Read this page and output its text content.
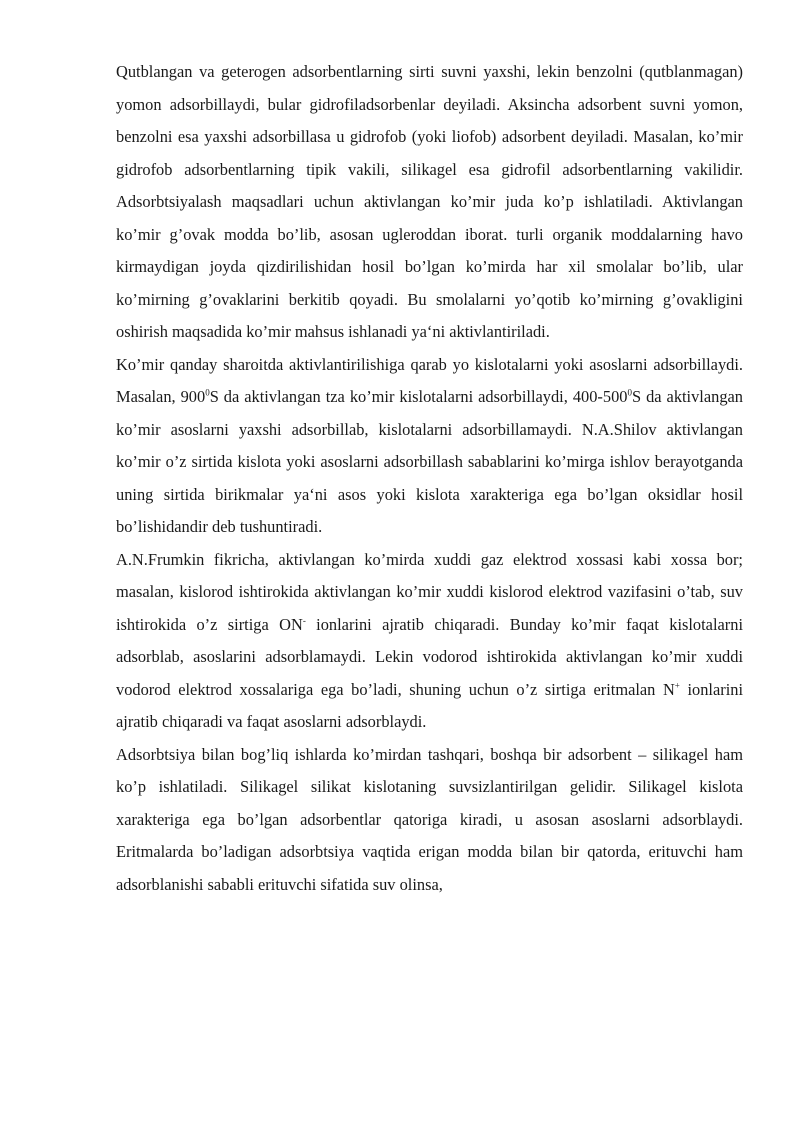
Qutblangan va geterogen adsorbentlarning sirti suvni yaxshi, lekin benzolni (qutblanmagan) yomon adsorbillaydi, bular gidrofiladsorbenlar deyiladi. Aksincha adsorbent suvni yomon, benzolni esa yaxshi adsorbillasa u gidrofob (yoki liofob) adsorbent deyiladi. Masalan, ko’mir gidrofob adsorbentlarning tipik vakili, silikagel esa gidrofil adsorbentlarning vakilidir. Adsorbtsiyalash maqsadlari uchun aktivlangan ko’mir juda ko’p ishlatiladi. Aktivlangan ko’mir g’ovak modda bo’lib, asosan ugleroddan iborat. turli organik moddalarning havo kirmaydigan joyda qizdirilishidan hosil bo’lgan ko’mirda har xil smolalar bo’lib, ular ko’mirning g’ovaklarini berkitib qoyadi. Bu smolalarni yo’qotib ko’mirning g’ovakligini oshirish maqsadida ko’mir mahsus ishlanadi ya‘ni aktivlantiriladi.

Ko’mir qanday sharoitda aktivlantirilishiga qarab yo kislotalarni yoki asoslarni adsorbillaydi. Masalan, $900^0S$ da aktivlangan tza ko’mir kislotalarni adsorbillaydi, $400-500^0S$ da aktivlangan ko’mir asoslarni yaxshi adsorbillab, kislotalarni adsorbillamaydi. N.A.Shilov aktivlangan ko’mir o’z sirtida kislota yoki asoslarni adsorbillash sabablarini ko’mirga ishlov berayotganda uning sirtida birikmalar ya‘ni asos yoki kislota xarakteriga ega bo’lgan oksidlar hosil bo’lishidandir deb tushuntiradi.

A.N.Frumkin fikricha, aktivlangan ko’mirda xuddi gaz elektrod xossasi kabi xossa bor; masalan, kislorod ishtirokida aktivlangan ko’mir xuddi kislorod elektrod vazifasini o’tab, suv ishtirokida o’z sirtiga ON- ionlarini ajratib chiqaradi. Bunday ko’mir faqat kislotalarni adsorblab, asoslarini adsorblamaydi. Lekin vodorod ishtirokida aktivlangan ko’mir xuddi vodorod elektrod xossalariga ega bo’ladi, shuning uchun o’z sirtiga eritmalan N+ ionlarini ajratib chiqaradi va faqat asoslarni adsorblaydi.

Adsorbtsiya bilan bog’liq ishlarda ko’mirdan tashqari, boshqa bir adsorbent – silikagel ham ko’p ishlatiladi. Silikagel silikat kislotaning suvsizlantirilgan gelidir. Silikagel kislota xarakteriga ega bo’lgan adsorbentlar qatoriga kiradi, u asosan asoslarni adsorblaydi. Eritmalarda bo’ladigan adsorbtsiya vaqtida erigan modda bilan bir qatorda, erituvchi ham adsorblanishi sababli erituvchi sifatida suv olinsa,
